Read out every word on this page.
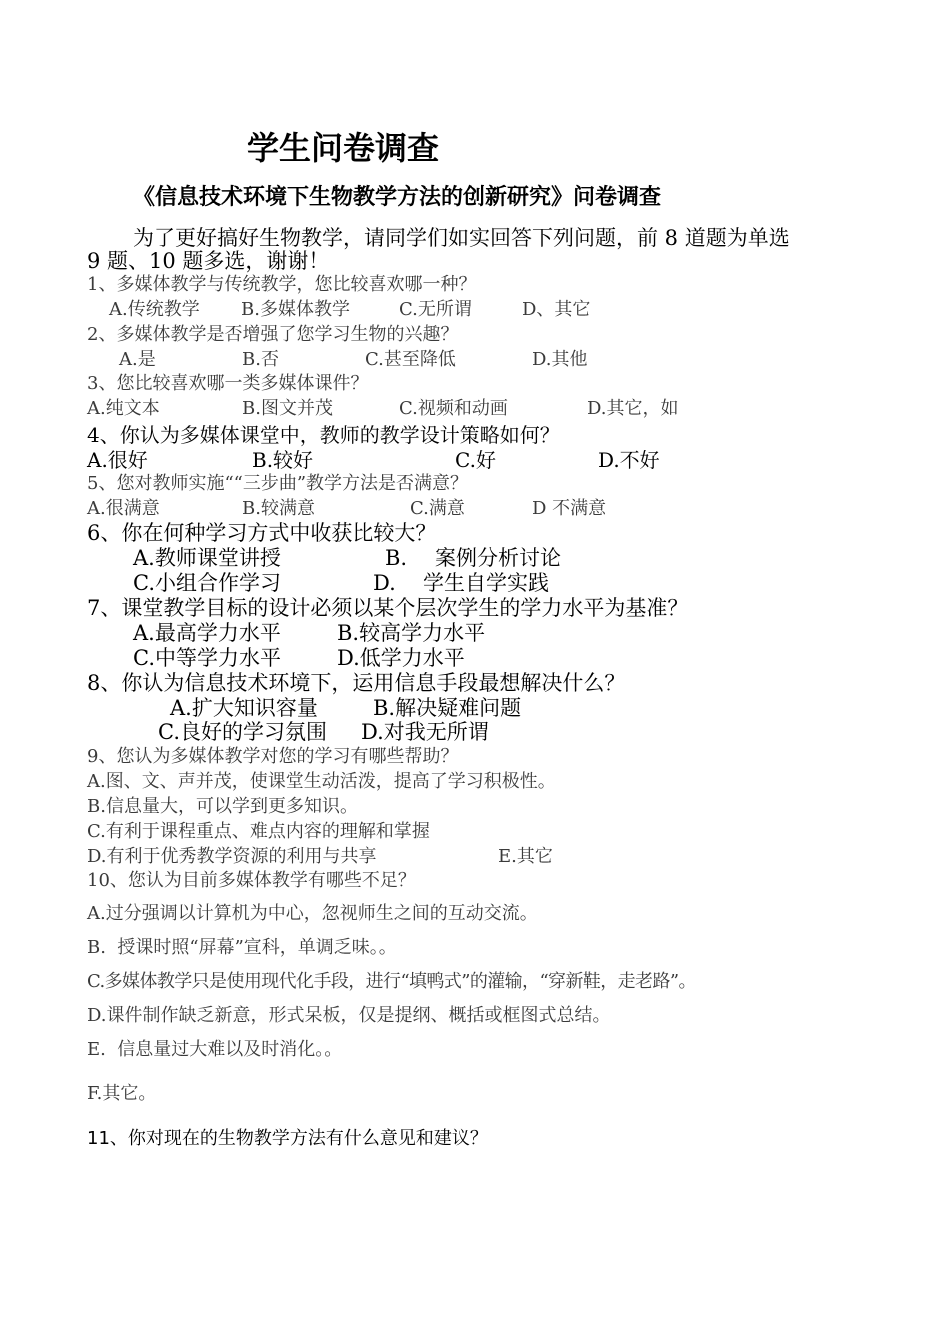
学生问卷调查
《信息技术环境下生物教学方法的创新研究》问卷调查
为了更好搞好生物教学，请同学们如实回答下列问题，前 8 道题为单选
9 题、10 题多选，谢谢！
1、多媒体教学与传统教学，您比较喜欢哪一种？
A.传统教学 B.多媒体教学	C.无所谓	D、其它
2、多媒体教学是否增强了您学习生物的兴趣？
A.是	B.否	C.甚至降低	D.其他
3、您比较喜欢哪一类多媒体课件？
A.纯文本	B.图文并茂	C.视频和动画	D.其它，如
4、你认为多媒体课堂中，教师的教学设计策略如何？
A.很好	B.较好	C.好	D.不好
5、您对教师实施““三步曲”教学方法是否满意？
A.很满意	B.较满意	C.满意	D 不满意
6、你在何种学习方式中收获比较大？
A.教师课堂讲授	B. 案例分析讨论
C.小组合作学习	D. 学生自学实践
7、课堂教学目标的设计必须以某个层次学生的学力水平为基准？
A.最高学力水平	B.较高学力水平
C.中等学力水平	D.低学力水平
8、你认为信息技术环境下，运用信息手段最想解决什么？
A.扩大知识容量	B.解决疑难问题
C.良好的学习氛围 D.对我无所谓
9、您认为多媒体教学对您的学习有哪些帮助？
A.图、文、声并茂，使课堂生动活泼，提高了学习积极性。
B.信息量大，可以学到更多知识。
C.有利于课程重点、难点内容的理解和掌握
D.有利于优秀教学资源的利用与共享	E.其它
10、您认为目前多媒体教学有哪些不足？
A.过分强调以计算机为中心，忽视师生之间的互动交流。
B.  授课时照“屏幕”宣科，单调乏味。。
C.多媒体教学只是使用现代化手段，进行“填鸭式”的灌输，“穿新鞋，走老路”。
D.课件制作缺乏新意，形式呆板，仅是提纲、概括或框图式总结。
E.  信息量过大难以及时消化。。
F.其它。
11、你对现在的生物教学方法有什么意见和建议？
